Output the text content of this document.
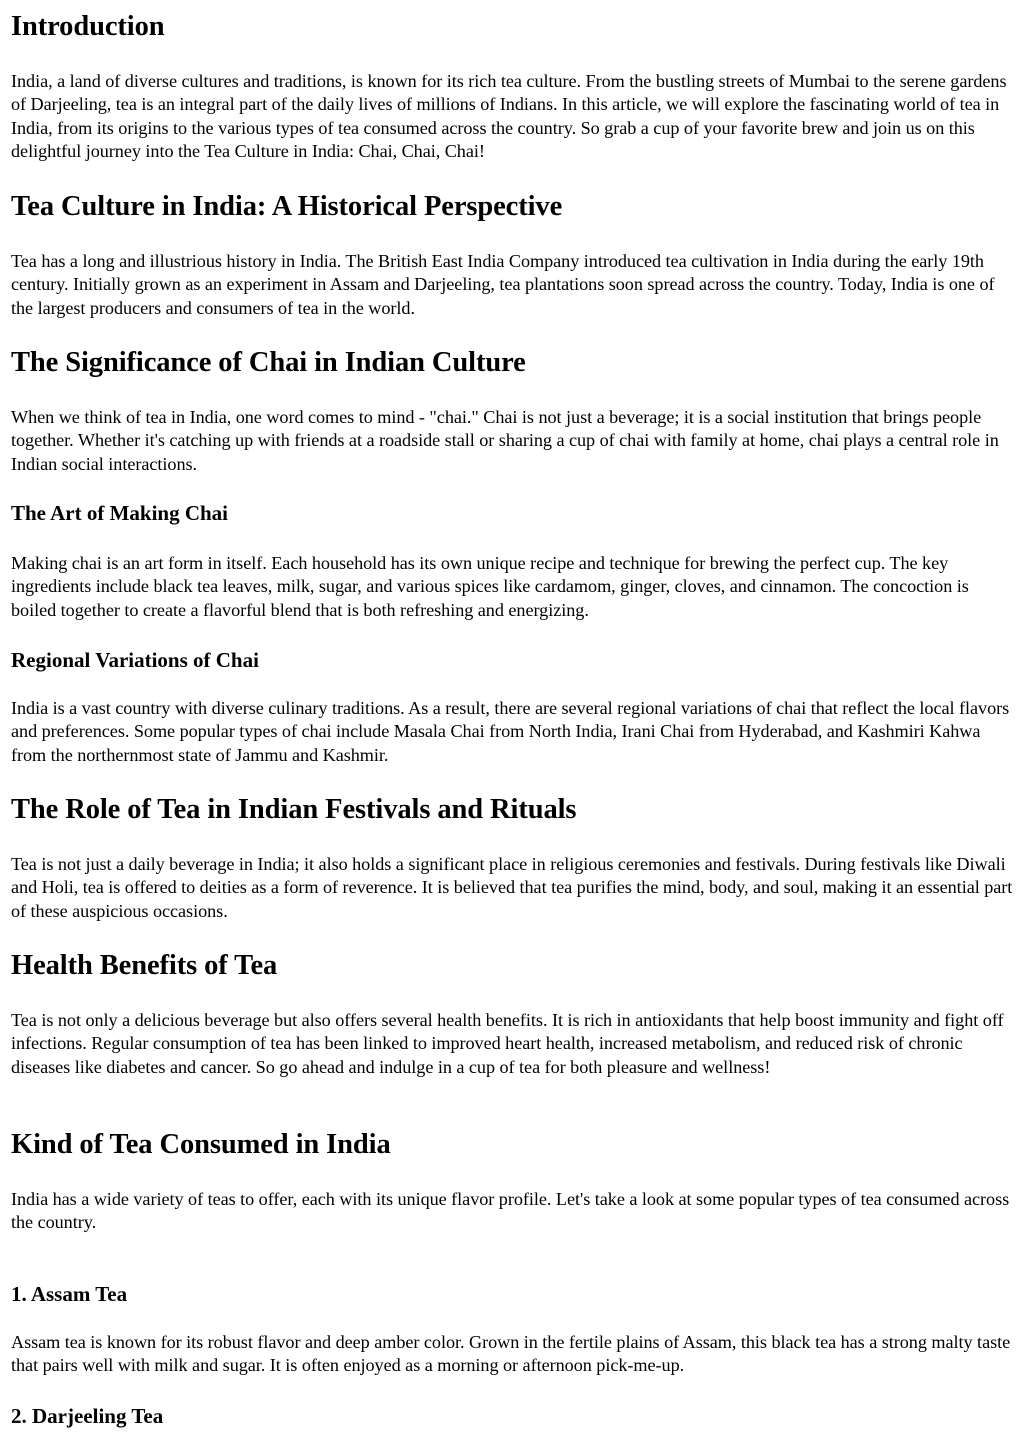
Introduction

India, a land of diverse cultures and traditions, is known for its rich tea culture. From the bustling streets of Mumbai to the serene gardens of Darjeeling, tea is an integral part of the daily lives of millions of Indians. In this article, we will explore the fascinating world of tea in India, from its origins to the various types of tea consumed across the country. So grab a cup of your favorite brew and join us on this delightful journey into the Tea Culture in India: Chai, Chai, Chai!

Tea Culture in India: A Historical Perspective

Tea has a long and illustrious history in India. The British East India Company introduced tea cultivation in India during the early 19th century. Initially grown as an experiment in Assam and Darjeeling, tea plantations soon spread across the country. Today, India is one of the largest producers and consumers of tea in the world.

The Significance of Chai in Indian Culture

When we think of tea in India, one word comes to mind - "chai." Chai is not just a beverage; it is a social institution that brings people together. Whether it's catching up with friends at a roadside stall or sharing a cup of chai with family at home, chai plays a central role in Indian social interactions.

The Art of Making Chai

Making chai is an art form in itself. Each household has its own unique recipe and technique for brewing the perfect cup. The key ingredients include black tea leaves, milk, sugar, and various spices like cardamom, ginger, cloves, and cinnamon. The concoction is boiled together to create a flavorful blend that is both refreshing and energizing.

Regional Variations of Chai

India is a vast country with diverse culinary traditions. As a result, there are several regional variations of chai that reflect the local flavors and preferences. Some popular types of chai include Masala Chai from North India, Irani Chai from Hyderabad, and Kashmiri Kahwa from the northernmost state of Jammu and Kashmir.

The Role of Tea in Indian Festivals and Rituals

Tea is not just a daily beverage in India; it also holds a significant place in religious ceremonies and festivals. During festivals like Diwali and Holi, tea is offered to deities as a form of reverence. It is believed that tea purifies the mind, body, and soul, making it an essential part of these auspicious occasions.

Health Benefits of Tea

Tea is not only a delicious beverage but also offers several health benefits. It is rich in antioxidants that help boost immunity and fight off infections. Regular consumption of tea has been linked to improved heart health, increased metabolism, and reduced risk of chronic diseases like diabetes and cancer. So go ahead and indulge in a cup of tea for both pleasure and wellness!

Kind of Tea Consumed in India

India has a wide variety of teas to offer, each with its unique flavor profile. Let's take a look at some popular types of tea consumed across the country.

1. Assam Tea

Assam tea is known for its robust flavor and deep amber color. Grown in the fertile plains of Assam, this black tea has a strong malty taste that pairs well with milk and sugar. It is often enjoyed as a morning or afternoon pick-me-up.

2. Darjeeling Tea
